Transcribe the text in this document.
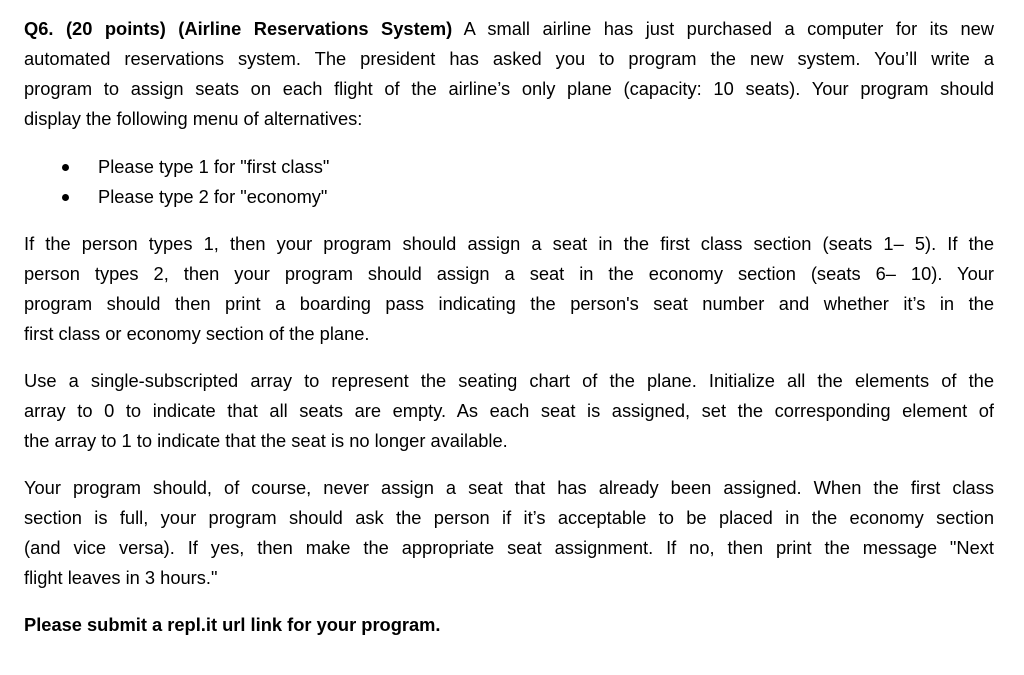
Q6. (20 points) (Airline Reservations System) A small airline has just purchased a computer for its new
automated reservations system. The president has asked you to program the new system. You’ll write a
program to assign seats on each flight of the airline’s only plane (capacity: 10 seats). Your program should
display the following menu of alternatives:
Please type 1 for "first class"
Please type 2 for "economy"
If the person types 1, then your program should assign a seat in the first class section (seats 1– 5). If the
person types 2, then your program should assign a seat in the economy section (seats 6– 10). Your
program should then print a boarding pass indicating the person's seat number and whether it’s in the
first class or economy section of the plane.
Use a single-subscripted array to represent the seating chart of the plane. Initialize all the elements of the
array to 0 to indicate that all seats are empty. As each seat is assigned, set the corresponding element of
the array to 1 to indicate that the seat is no longer available.
Your program should, of course, never assign a seat that has already been assigned. When the first class
section is full, your program should ask the person if it’s acceptable to be placed in the economy section
(and vice versa). If yes, then make the appropriate seat assignment. If no, then print the message "Next
flight leaves in 3 hours."
Please submit a repl.it url link for your program.
